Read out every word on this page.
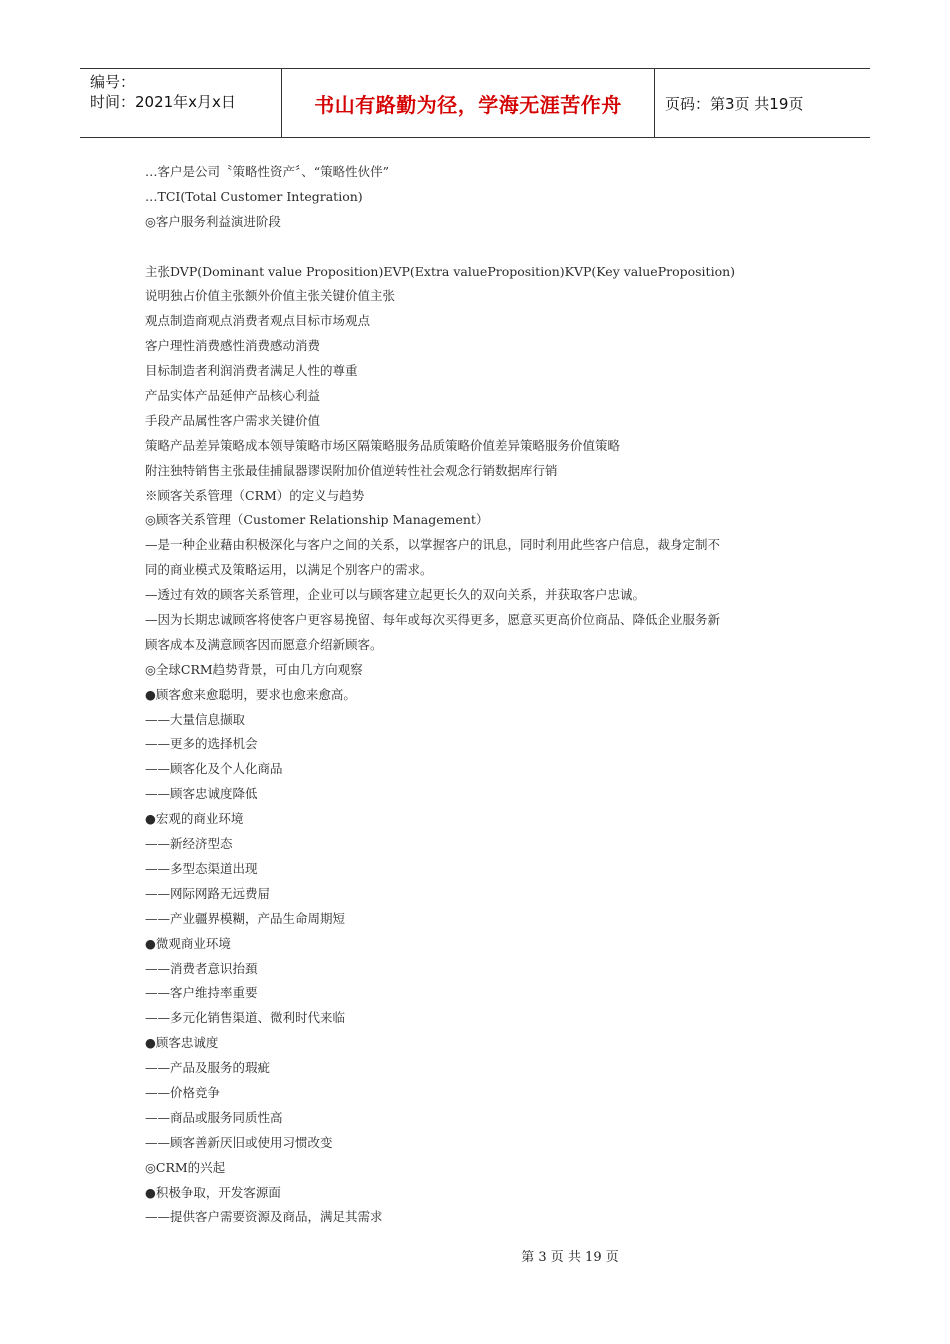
编号：
时间：2021年x月x日	书山有路勤为径，学海无涯苦作舟	页码：第3页 共19页
…客户是公司〝策略性资产〞、“策略性伙伴”
…TCI(Total Customer Integration)
◎客户服务利益演进阶段
主张DVP(Dominant value Proposition)EVP(Extra valueProposition)KVP(Key valueProposition)
说明独占价值主张额外价值主张关键价值主张
观点制造商观点消费者观点目标市场观点
客户理性消费感性消费感动消费
目标制造者利润消费者满足人性的尊重
产品实体产品延伸产品核心利益
手段产品属性客户需求关键价值
策略产品差异策略成本领导策略市场区隔策略服务品质策略价值差异策略服务价值策略
附注独特销售主张最佳捕鼠器谬误附加价值逆转性社会观念行销数据库行销
※顾客关系管理（CRM）的定义与趋势
◎顾客关系管理（Customer Relationship Management）
—是一种企业藉由积极深化与客户之间的关系，以掌握客户的讯息，同时利用此些客户信息，裁身定制不
同的商业模式及策略运用，以满足个别客户的需求。
—透过有效的顾客关系管理，企业可以与顾客建立起更长久的双向关系，并获取客户忠诚。
—因为长期忠诚顾客将使客户更容易挽留、每年或每次买得更多，愿意买更高价位商品、降低企业服务新
顾客成本及满意顾客因而愿意介绍新顾客。
◎全球CRM趋势背景，可由几方向观察
●顾客愈来愈聪明，要求也愈来愈高。
——大量信息撷取
——更多的选择机会
——顾客化及个人化商品
——顾客忠诚度降低
●宏观的商业环境
——新经济型态
——多型态渠道出现
——网际网路无远费屇
——产业疆界模糊，产品生命周期短
●微观商业环境
——消费者意识抬頚
——客户维持率重要
——多元化销售渠道、微利时代来临
●顾客忠诚度
——产品及服务的瑕疵
——价格竞争
——商品或服务同质性高
——顾客善新厌旧或使用习惯改变
◎CRM的兴起
●积极争取，开发客源面
——提供客户需要资源及商品，满足其需求
第 3 页 共 19 页
